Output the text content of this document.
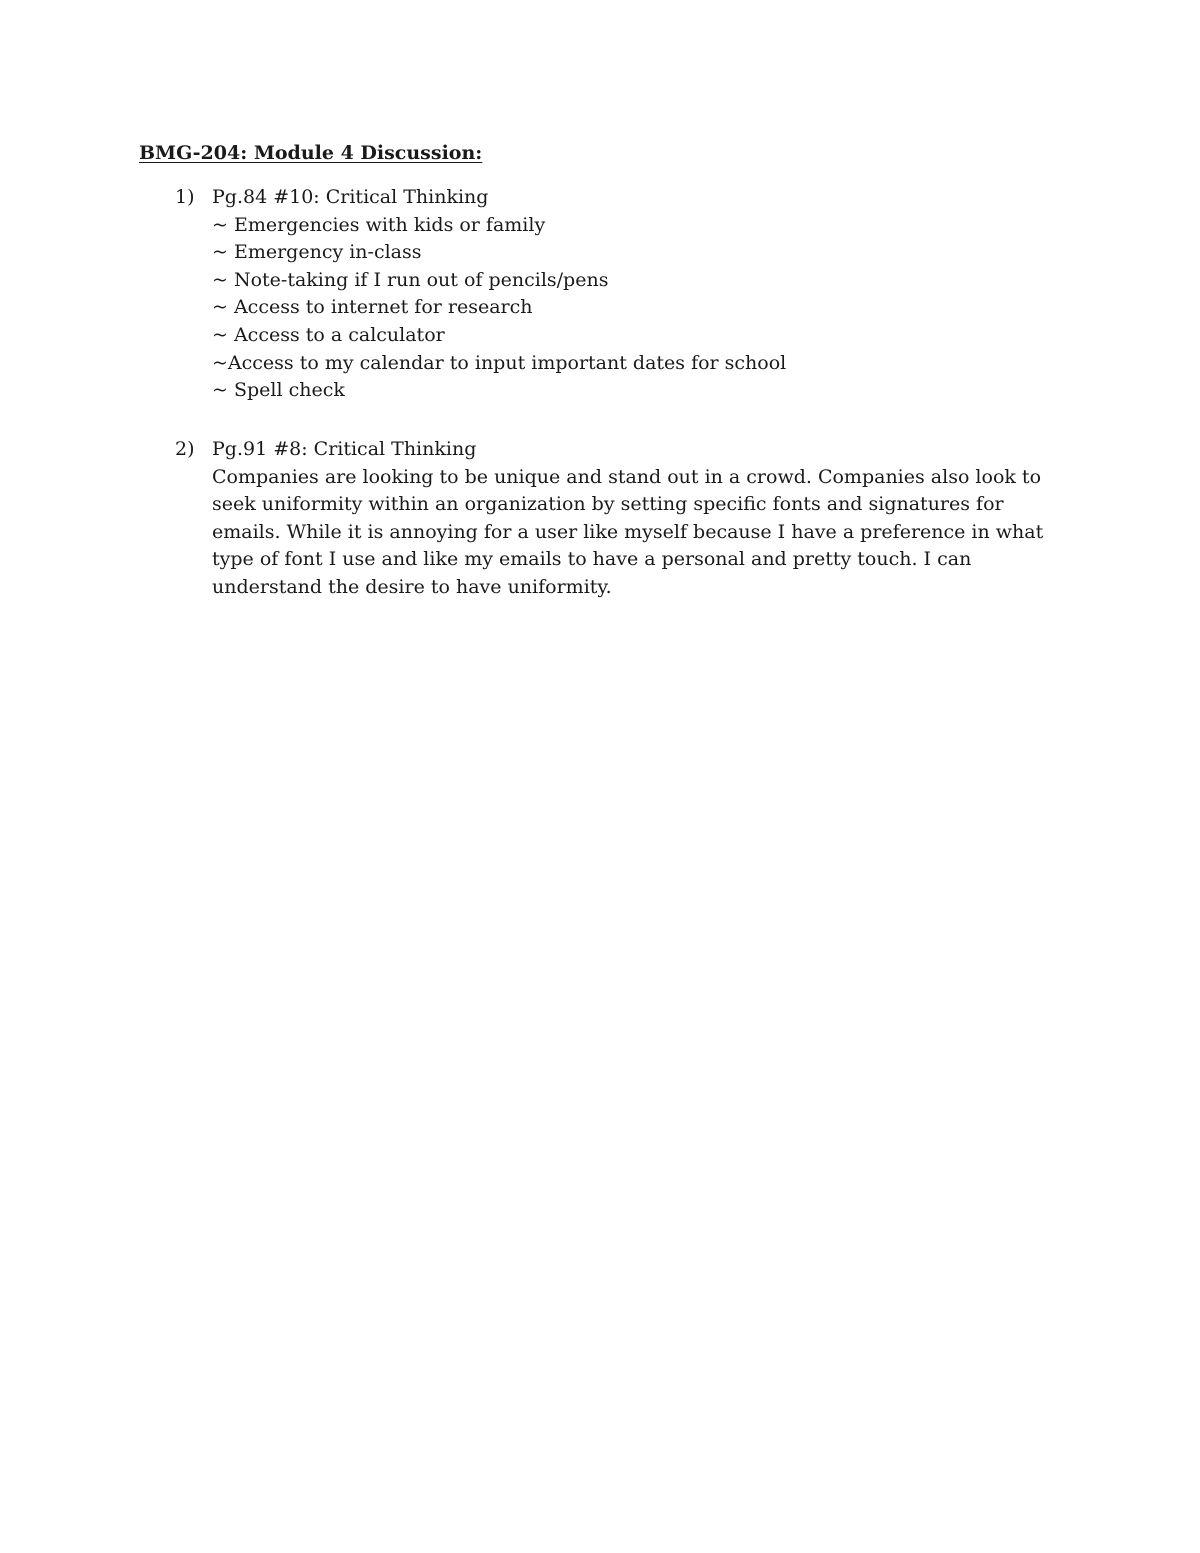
BMG-204: Module 4 Discussion:
1) Pg.84 #10: Critical Thinking
~ Emergencies with kids or family
~ Emergency in-class
~ Note-taking if I run out of pencils/pens
~ Access to internet for research
~ Access to a calculator
~Access to my calendar to input important dates for school
~ Spell check
2) Pg.91 #8: Critical Thinking

Companies are looking to be unique and stand out in a crowd. Companies also look to seek uniformity within an organization by setting specific fonts and signatures for emails. While it is annoying for a user like myself because I have a preference in what type of font I use and like my emails to have a personal and pretty touch. I can understand the desire to have uniformity.
